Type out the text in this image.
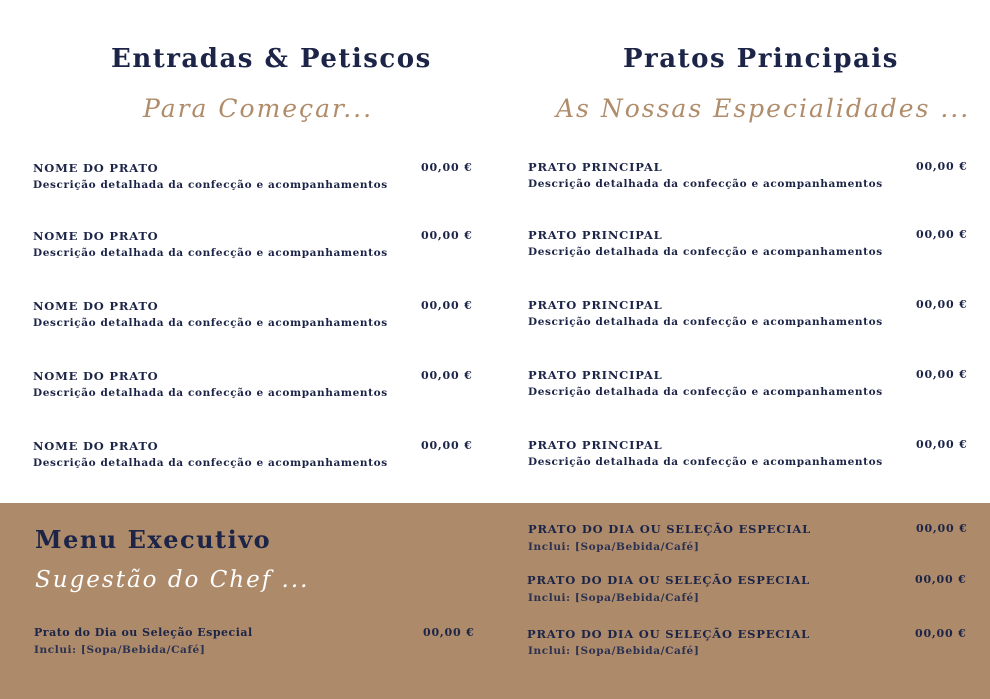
Entradas & Petiscos
Para Começar...
Pratos Principais
As Nossas Especialidades ...
NOME DO PRATO	00,00 €
Descrição detalhada da confecção e acompanhamentos
NOME DO PRATO	00,00 €
Descrição detalhada da confecção e acompanhamentos
NOME DO PRATO	00,00 €
Descrição detalhada da confecção e acompanhamentos
NOME DO PRATO	00,00 €
Descrição detalhada da confecção e acompanhamentos
NOME DO PRATO	00,00 €
Descrição detalhada da confecção e acompanhamentos
PRATO PRINCIPAL	00,00 €
Descrição detalhada da confecção e acompanhamentos
PRATO PRINCIPAL	00,00 €
Descrição detalhada da confecção e acompanhamentos
PRATO PRINCIPAL	00,00 €
Descrição detalhada da confecção e acompanhamentos
PRATO PRINCIPAL	00,00 €
Descrição detalhada da confecção e acompanhamentos
PRATO PRINCIPAL	00,00 €
Descrição detalhada da confecção e acompanhamentos
Menu Executivo
Sugestão do Chef ...
Prato do Dia ou Seleção Especial	00,00 €
Inclui: [Sopa/Bebida/Café]
PRATO DO DIA OU SELEÇÃO ESPECIAL	00,00 €
Inclui: [Sopa/Bebida/Café]
PRATO DO DIA OU SELEÇÃO ESPECIAL	00,00 €
Inclui: [Sopa/Bebida/Café]
PRATO DO DIA OU SELEÇÃO ESPECIAL	00,00 €
Inclui: [Sopa/Bebida/Café]
